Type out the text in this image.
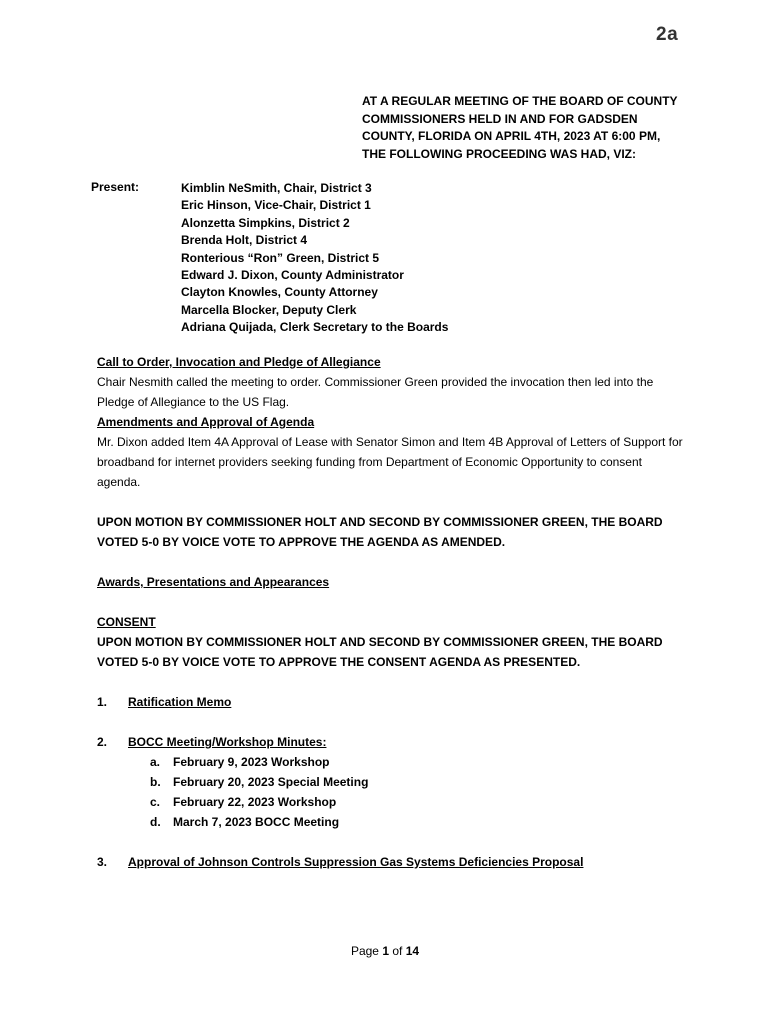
2a
AT A REGULAR MEETING OF THE BOARD OF COUNTY COMMISSIONERS HELD IN AND FOR GADSDEN COUNTY, FLORIDA ON APRIL 4TH, 2023 AT 6:00 PM, THE FOLLOWING PROCEEDING WAS HAD, VIZ:
Present:	Kimblin NeSmith, Chair, District 3
Eric Hinson, Vice-Chair, District 1
Alonzetta Simpkins, District 2
Brenda Holt, District 4
Ronterious “Ron” Green, District 5
Edward J. Dixon, County Administrator
Clayton Knowles, County Attorney
Marcella Blocker, Deputy Clerk
Adriana Quijada, Clerk Secretary to the Boards

Call to Order, Invocation and Pledge of Allegiance

Chair Nesmith called the meeting to order. Commissioner Green provided the invocation then led into the Pledge of Allegiance to the US Flag.

Amendments and Approval of Agenda

Mr. Dixon added Item 4A Approval of Lease with Senator Simon and Item 4B Approval of Letters of Support for broadband for internet providers seeking funding from Department of Economic Opportunity to consent agenda.

UPON MOTION BY COMMISSIONER HOLT AND SECOND BY COMMISSIONER GREEN, THE BOARD VOTED 5-0 BY VOICE VOTE TO APPROVE THE AGENDA AS AMENDED.

Awards, Presentations and Appearances

CONSENT

UPON MOTION BY COMMISSIONER HOLT AND SECOND BY COMMISSIONER GREEN, THE BOARD VOTED 5-0 BY VOICE VOTE TO APPROVE THE CONSENT AGENDA AS PRESENTED.

1.	Ratification Memo
2.	BOCC Meeting/Workshop Minutes:
a.	February 9, 2023 Workshop
b.	February 20, 2023 Special Meeting
c.	February 22, 2023 Workshop
d.	March 7, 2023 BOCC Meeting
3.	Approval of Johnson Controls Suppression Gas Systems Deficiencies Proposal
Page 1 of 14
